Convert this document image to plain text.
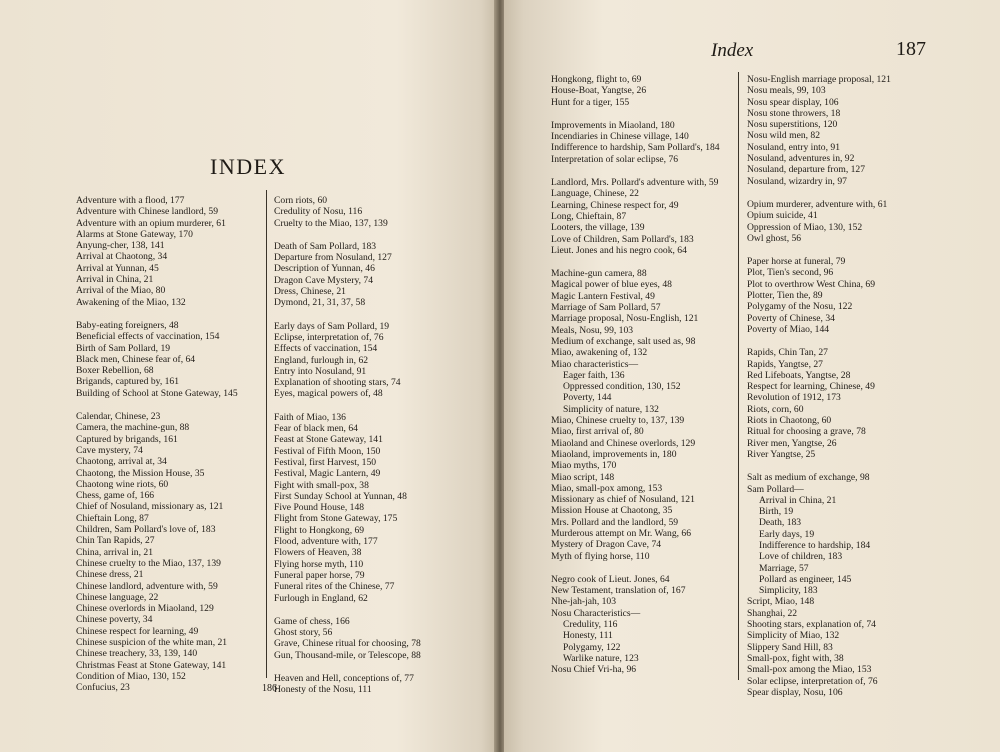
INDEX
Adventure with a flood, 177
Adventure with Chinese landlord, 59
Adventure with an opium murderer, 61
Alarms at Stone Gateway, 170
Anyung-cher, 138, 141
Arrival at Chaotong, 34
Arrival at Yunnan, 45
Arrival in China, 21
Arrival of the Miao, 80
Awakening of the Miao, 132
Baby-eating foreigners, 48
Beneficial effects of vaccination, 154
Birth of Sam Pollard, 19
Black men, Chinese fear of, 64
Boxer Rebellion, 68
Brigands, captured by, 161
Building of School at Stone Gateway, 145
Calendar, Chinese, 23
Camera, the machine-gun, 88
Captured by brigands, 161
Cave mystery, 74
Chaotong, arrival at, 34
Chaotong, the Mission House, 35
Chaotong wine riots, 60
Chess, game of, 166
Chief of Nosuland, missionary as, 121
Chieftain Long, 87
Children, Sam Pollard's love of, 183
Chin Tan Rapids, 27
China, arrival in, 21
Chinese cruelty to the Miao, 137, 139
Chinese dress, 21
Chinese landlord, adventure with, 59
Chinese language, 22
Chinese overlords in Miaoland, 129
Chinese poverty, 34
Chinese respect for learning, 49
Chinese suspicion of the white man, 21
Chinese treachery, 33, 139, 140
Christmas Feast at Stone Gateway, 141
Condition of Miao, 130, 152
Confucius, 23
Corn riots, 60
Credulity of Nosu, 116
Cruelty to the Miao, 137, 139
Death of Sam Pollard, 183
Departure from Nosuland, 127
Description of Yunnan, 46
Dragon Cave Mystery, 74
Dress, Chinese, 21
Dymond, 21, 31, 37, 58
Early days of Sam Pollard, 19
Eclipse, interpretation of, 76
Effects of vaccination, 154
England, furlough in, 62
Entry into Nosuland, 91
Explanation of shooting stars, 74
Eyes, magical powers of, 48
Faith of Miao, 136
Fear of black men, 64
Feast at Stone Gateway, 141
Festival of Fifth Moon, 150
Festival, first Harvest, 150
Festival, Magic Lantern, 49
Fight with small-pox, 38
First Sunday School at Yunnan, 48
Five Pound House, 148
Flight from Stone Gateway, 175
Flight to Hongkong, 69
Flood, adventure with, 177
Flowers of Heaven, 38
Flying horse myth, 110
Funeral paper horse, 79
Funeral rites of the Chinese, 77
Furlough in England, 62
Game of chess, 166
Ghost story, 56
Grave, Chinese ritual for choosing, 78
Gun, Thousand-mile, or Telescope, 88
Heaven and Hell, conceptions of, 77
Honesty of the Nosu, 111
186
Index	187
Hongkong, flight to, 69
House-Boat, Yangtse, 26
Hunt for a tiger, 155
Improvements in Miaoland, 180
Incendiaries in Chinese village, 140
Indifference to hardship, Sam Pollard's, 184
Interpretation of solar eclipse, 76
Landlord, Mrs. Pollard's adventure with, 59
Language, Chinese, 22
Learning, Chinese respect for, 49
Long, Chieftain, 87
Looters, the village, 139
Love of Children, Sam Pollard's, 183
Lieut. Jones and his negro cook, 64
Machine-gun camera, 88
Magical power of blue eyes, 48
Magic Lantern Festival, 49
Marriage of Sam Pollard, 57
Marriage proposal, Nosu-English, 121
Meals, Nosu, 99, 103
Medium of exchange, salt used as, 98
Miao, awakening of, 132
Miao characteristics—
Eager faith, 136
Oppressed condition, 130, 152
Poverty, 144
Simplicity of nature, 132
Miao, Chinese cruelty to, 137, 139
Miao, first arrival of, 80
Miaoland and Chinese overlords, 129
Miaoland, improvements in, 180
Miao myths, 170
Miao script, 148
Miao, small-pox among, 153
Missionary as chief of Nosuland, 121
Mission House at Chaotong, 35
Mrs. Pollard and the landlord, 59
Murderous attempt on Mr. Wang, 66
Mystery of Dragon Cave, 74
Myth of flying horse, 110
Negro cook of Lieut. Jones, 64
New Testament, translation of, 167
Nhe-jah-jah, 103
Nosu Characteristics—
Credulity, 116
Honesty, 111
Polygamy, 122
Warlike nature, 123
Nosu Chief Vri-ha, 96
Nosu-English marriage proposal, 121
Nosu meals, 99, 103
Nosu spear display, 106
Nosu stone throwers, 18
Nosu superstitions, 120
Nosu wild men, 82
Nosuland, entry into, 91
Nosuland, adventures in, 92
Nosuland, departure from, 127
Nosuland, wizardry in, 97
Opium murderer, adventure with, 61
Opium suicide, 41
Oppression of Miao, 130, 152
Owl ghost, 56
Paper horse at funeral, 79
Plot, Tien's second, 96
Plot to overthrow West China, 69
Plotter, Tien the, 89
Polygamy of the Nosu, 122
Poverty of Chinese, 34
Poverty of Miao, 144
Rapids, Chin Tan, 27
Rapids, Yangtse, 27
Red Lifeboats, Yangtse, 28
Respect for learning, Chinese, 49
Revolution of 1912, 173
Riots, corn, 60
Riots in Chaotong, 60
Ritual for choosing a grave, 78
River men, Yangtse, 26
River Yangtse, 25
Salt as medium of exchange, 98
Sam Pollard—
Arrival in China, 21
Birth, 19
Death, 183
Early days, 19
Indifference to hardship, 184
Love of children, 183
Marriage, 57
Pollard as engineer, 145
Simplicity, 183
Script, Miao, 148
Shanghai, 22
Shooting stars, explanation of, 74
Simplicity of Miao, 132
Slippery Sand Hill, 83
Small-pox, fight with, 38
Small-pox among the Miao, 153
Solar eclipse, interpretation of, 76
Spear display, Nosu, 106
